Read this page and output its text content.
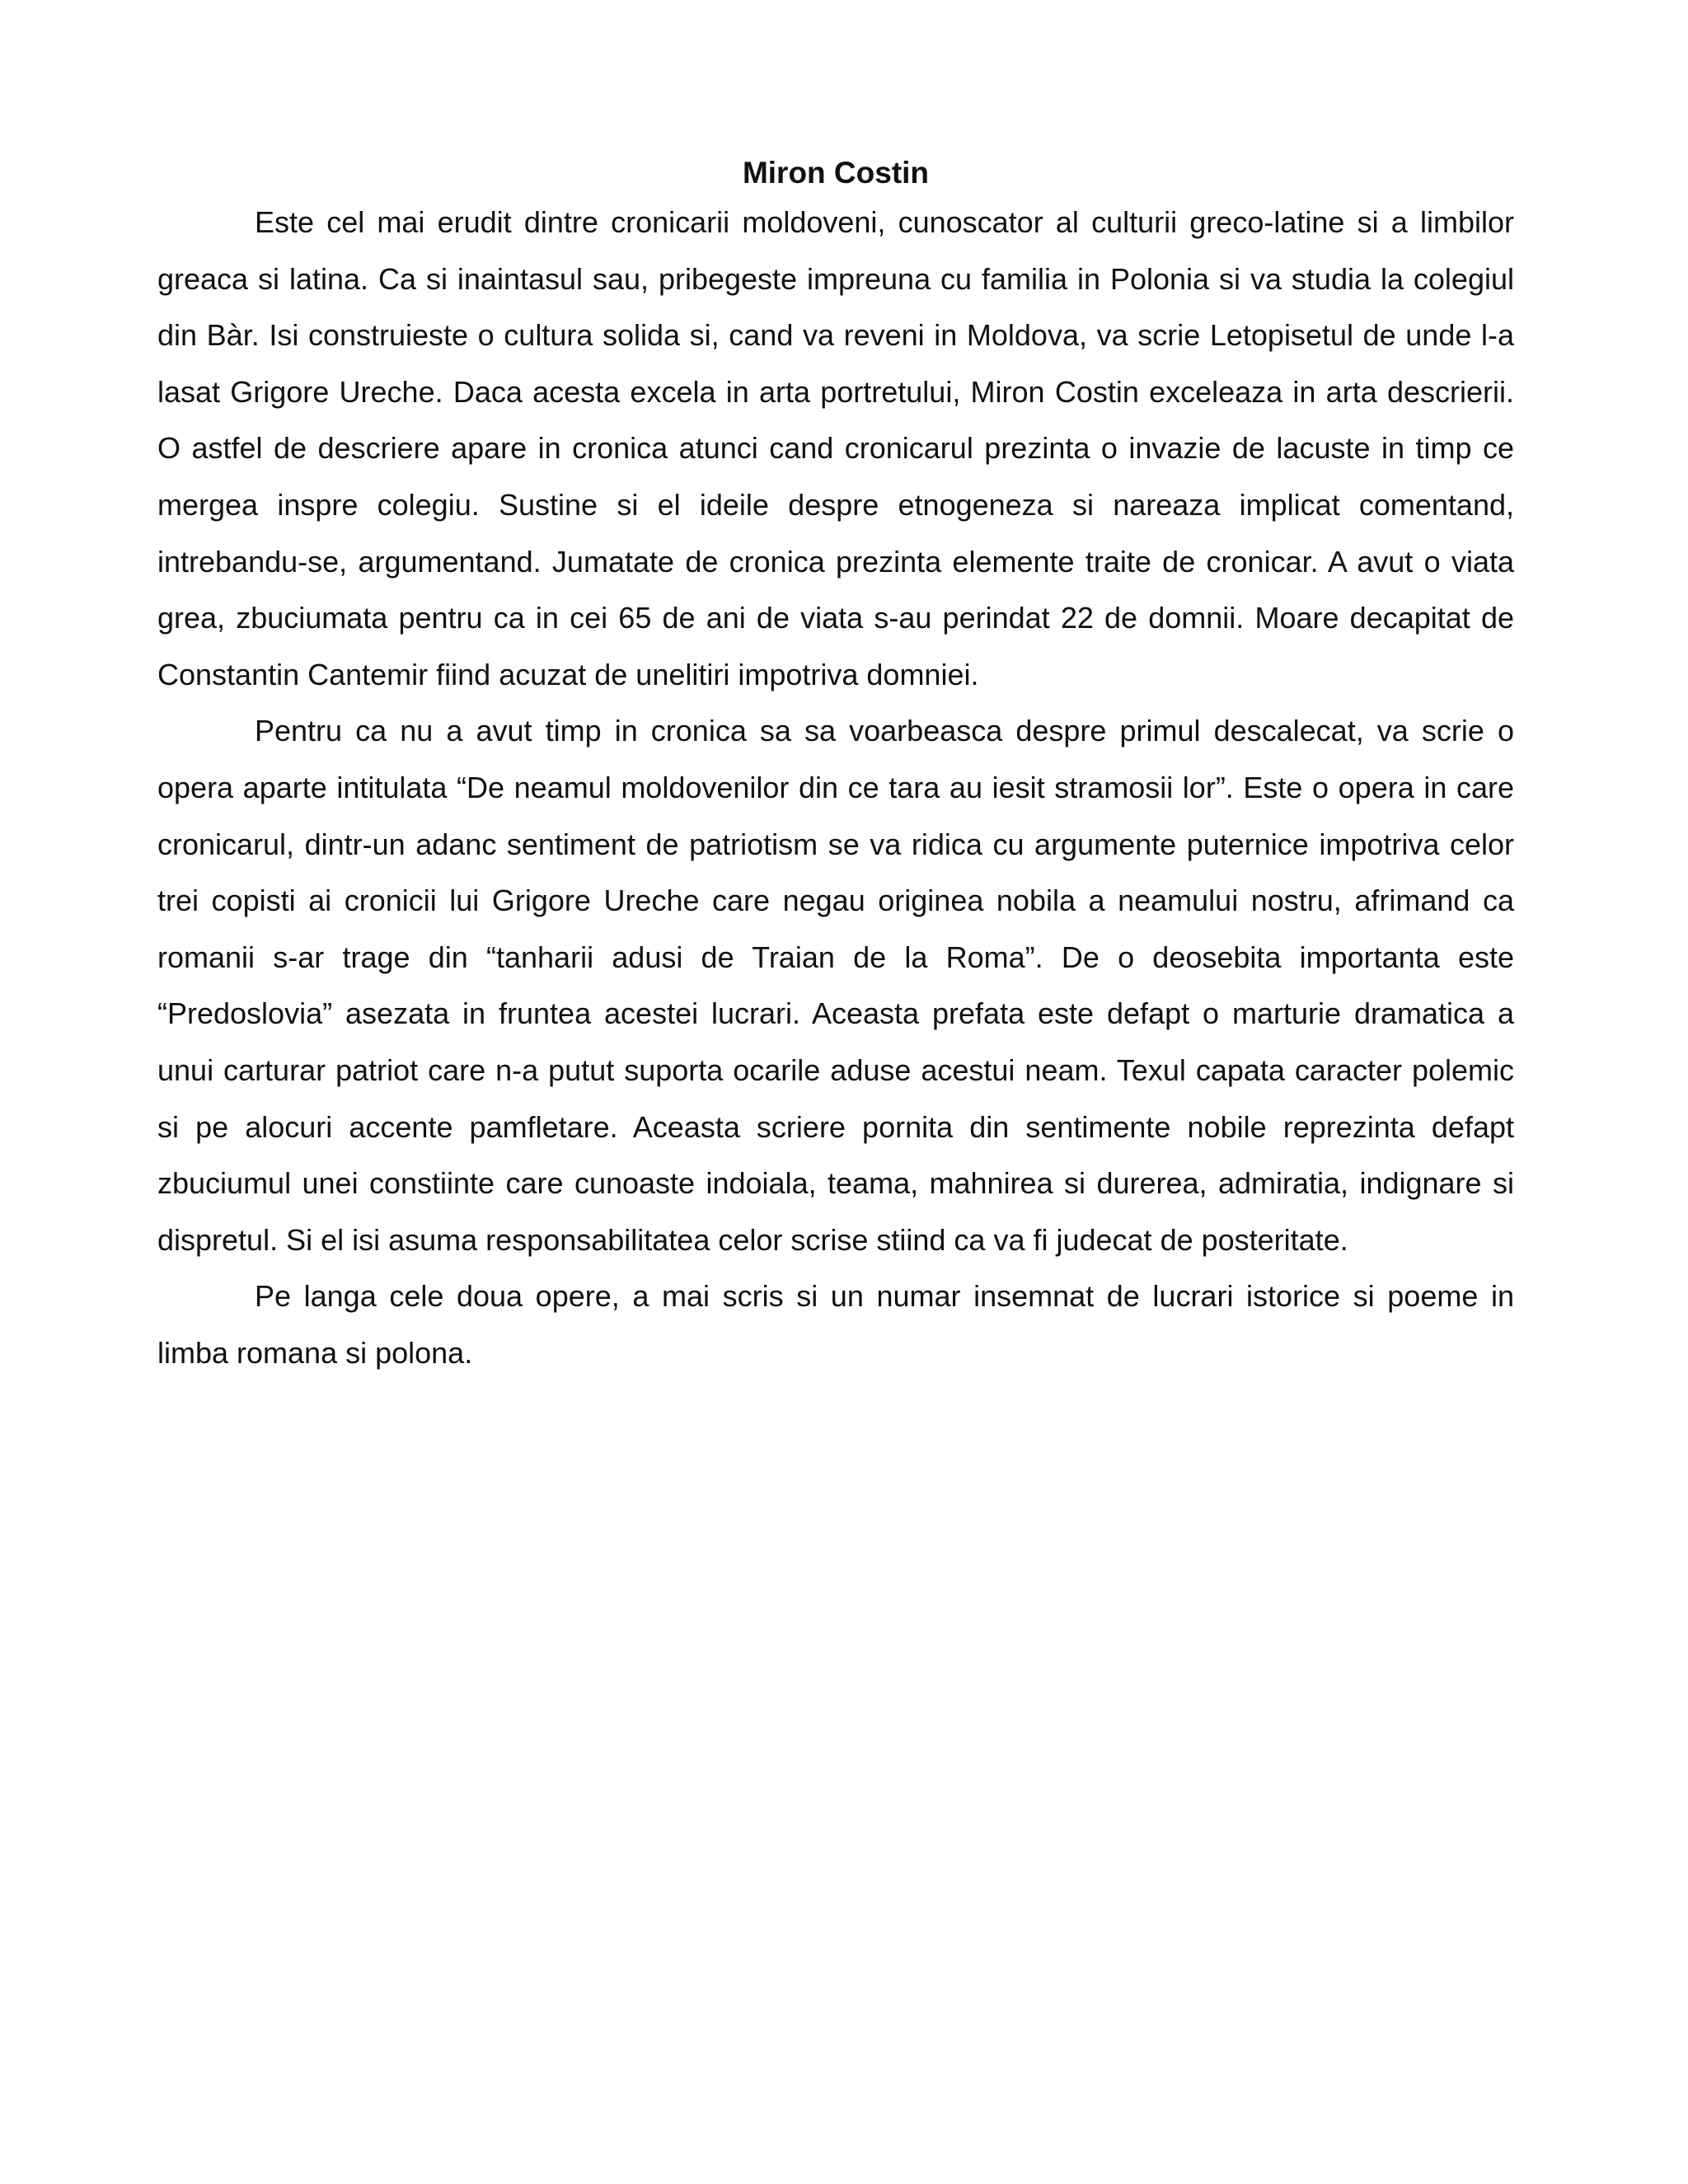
Miron Costin

Este cel mai erudit dintre cronicarii moldoveni, cunoscator al culturii greco-latine si a limbilor greaca si latina. Ca si inaintasul sau, pribegeste impreuna cu familia in Polonia si va studia la colegiul din Bàr. Isi construieste o cultura solida si, cand va reveni in Moldova, va scrie Letopisetul de unde l-a lasat Grigore Ureche. Daca acesta excela in arta portretului, Miron Costin exceleaza in arta descrierii. O astfel de descriere apare in cronica atunci cand cronicarul prezinta o invazie de lacuste in timp ce mergea inspre colegiu. Sustine si el ideile despre etnogeneza si nareaza implicat comentand, intrebandu-se, argumentand. Jumatate de cronica prezinta elemente traite de cronicar. A avut o viata grea, zbuciumata pentru ca in cei 65 de ani de viata s-au perindat 22 de domnii. Moare decapitat de Constantin Cantemir fiind acuzat de unelitiri impotriva domniei.

Pentru ca nu a avut timp in cronica sa sa voarbeasca despre primul descalecat, va scrie o opera aparte intitulata “De neamul moldovenilor din ce tara au iesit stramosii lor”. Este o opera in care cronicarul, dintr-un adanc sentiment de patriotism se va ridica cu argumente puternice impotriva celor trei copisti ai cronicii lui Grigore Ureche care negau originea nobila a neamului nostru, afrimand ca romanii s-ar trage din “tanharii adusi de Traian de la Roma”. De o deosebita importanta este “Predoslovia” asezata in fruntea acestei lucrari. Aceasta prefata este defapt o marturie dramatica a unui carturar patriot care n-a putut suporta ocarile aduse acestui neam. Texul capata caracter polemic si pe alocuri accente pamfletare. Aceasta scriere pornita din sentimente nobile reprezinta defapt zbuciumul unei constiinte care cunoaste indoiala, teama, mahnirea si durerea, admiratia, indignare si dispretul. Si el isi asuma responsabilitatea celor scrise stiind ca va fi judecat de posteritate.

Pe langa cele doua opere, a mai scris si un numar insemnat de lucrari istorice si poeme in limba romana si polona.
